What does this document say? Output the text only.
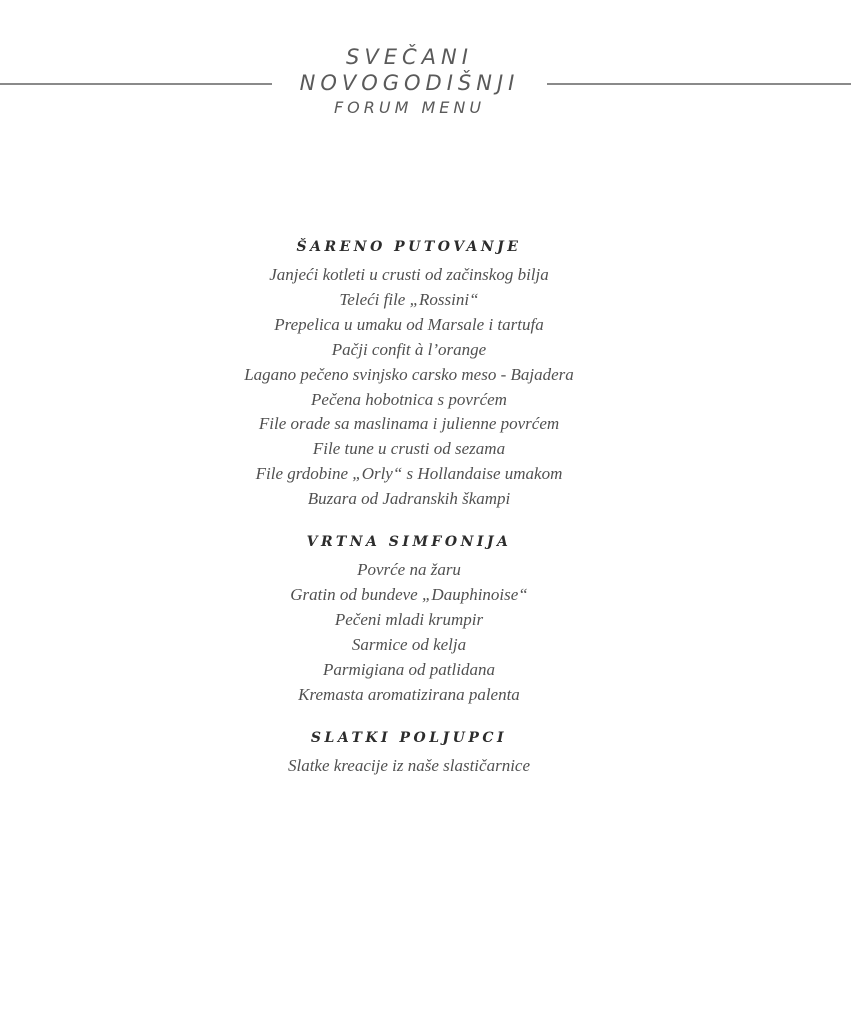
SVEČANI
NOVOGODIŠNJI
FORUM MENU
ŠARENO PUTOVANJE
Janjeći kotleti u crusti od začinskog bilja
Teleći file „Rossini“
Prepelica u umaku od Marsale i tartufa
Pačji confit à l’orange
Lagano pečeno svinjsko carsko meso - Bajadera
Pečena hobotnica s povrćem
File orade sa maslinama i julienne povrćem
File tune u crusti od sezama
File grdobine „Orly“ s Hollandaise umakom
Buzara od Jadranskih škampi
VRTNA SIMFONIJA
Povrće na žaru
Gratin od bundeve „Dauphinoise“
Pečeni mladi krumpir
Sarmice od kelja
Parmigiana od patlidana
Kremasta aromatizirana palenta
SLATKI POLJUPCI
Slatke kreacije iz naše slastičarnice
